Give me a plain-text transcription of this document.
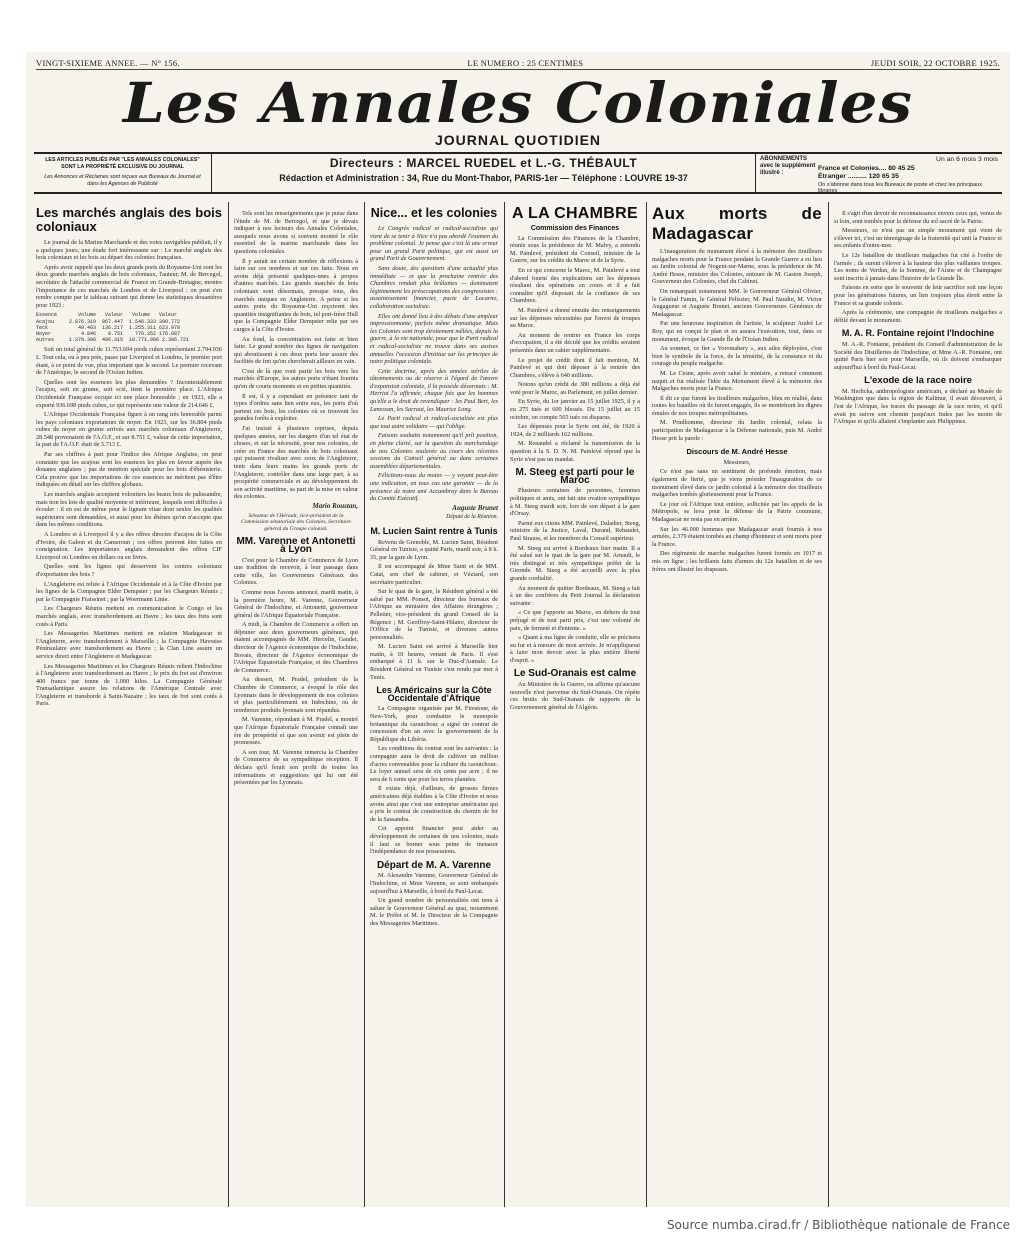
VINGT-SIXIEME ANNEE. — N° 156.	LE NUMERO : 25 CENTIMES	JEUDI SOIR, 22 OCTOBRE 1925.
Les Annales Coloniales
JOURNAL QUOTIDIEN
LES ARTICLES PUBLIÉS PAR "LES ANNALES COLONIALES" SONT LA PROPRIÉTÉ EXCLUSIVE DU JOURNAL
Les Annonces et Réclames sont reçues aux Bureaux du Journal et dans les Agences de Publicité
Directeurs : MARCEL RUEDEL et L.-G. THÉBAULT
Rédaction et Administration : 34, Rue du Mont-Thabor, PARIS-1er — Téléphone : LOUVRE 19-37
ABONNEMENTS avec le supplément illustré :
Un an 6 mois 3 mois
France et Colonies.... 80 45 25
Étranger .......... 120 65 35
On s'abonne dans tous les Bureaux de poste et chez les principaux libraires
Les marchés anglais des bois coloniaux

Le journal de la Marine Marchande et des voies navigables publiait, il y a quelques jours, une étude fort intéressante sur : Le marché anglais des bois coloniaux et les bois au départ des colonies françaises.

Après avoir rappelé que les deux grands ports du Royaume-Uni sont les deux grands marchés anglais de bois coloniaux, l'auteur, M. de Bercegol, secrétaire de l'attaché commercial de France en Grande-Bretagne, montre l'importance de ces marchés de Londres et de Liverpool ; on peut s'en rendre compte par le tableau suivant qui donne les statistiques douanières pour 1923 :

Essence       Volume   Valeur   Volume   Valeur
Acajou     2.876.319  967.447  1.546.333 390.772
Teck          49.403  136.217  1.255.311 623.970
Noyer          4.846    8.751    776.352 176.687
Autres     1.379.306  496.315  10.771.906 2.386.721

Soit un total général de 11.753.694 pieds cubes représentant 2.794.936 £. Tout cela, ou à peu près, passe par Liverpool et Londres, le premier port étant, à ce point de vue, plus important que le second. Le premier recevant de l'Amérique, le second de l'Océan Indien.

Quelles sont les essences les plus demandées ? Incontestablement l'acajou, soit en grume, soit scié, tient la première place. L'Afrique Occidentale Française occupe ici une place honorable ; en 1923, elle a exporté 936.698 pieds cubes, ce qui représente une valeur de 214.646 £.

L'Afrique Occidentale Française figure à un rang très honorable parmi les pays coloniaux exportateurs de noyer. En 1923, sur les 36.804 pieds cubes de noyer en grume arrivés aux marchés coloniaux d'Angleterre, 28.548 provenaient de l'A.O.F., et sur 8.751 £, valeur de cette importation, la part de l'A.O.F. était de 5.713 £.

Par ses chiffres à part pour l'indice des Afrique Anglaise, on peut constater que les acajous sont les essences les plus en faveur auprès des douanes anglaises ; pas de mention spéciale pour les bois d'ébénisterie. Cela prouve que les importations de ces essences ne méritent pas d'être indiquées en détail sur les chiffres globaux.

Les marchés anglais acceptent volontiers les beaux bois de palissandre, mais non les lots de qualité moyenne et inférieure, lesquels sont difficiles à écouler : il en est de même pour le lignum vitae dont seules les qualités supérieures sont demandées, et aussi pour les ébènes qu'on n'accepte que dans les mêmes conditions.

A Londres et à Liverpool il y a des offres directes d'acajou de la Côte d'Ivoire, du Gabon et du Cameroun ; ces offres peuvent être faites en consignation. Les importateurs anglais demandent des offres CIF Liverpool ou Londres en dollars ou en livres.

Quelles sont les lignes qui desservent les centres coloniaux d'exportation des bois ?

L'Angleterre est reliée à l'Afrique Occidentale et à la Côte d'Ivoire par les lignes de la Compagnie Elder Dempster ; par les Chargeurs Réunis ; par la Compagnie Fraissinet ; par la Woermann Linie.

Les Chargeurs Réunis mettent en communication le Congo et les marchés anglais, avec transbordement au Havre ; les taux des frets sont cotés à Paris.

Les Messageries Maritimes mettent en relation Madagascar et l'Angleterre, avec transbordement à Marseille ; la Compagnie Havraise Péninsulaire avec transbordement au Havre ; la Clan Line assure un service direct entre l'Angleterre et Madagascar.

Les Messageries Maritimes et les Chargeurs Réunis relient l'Indochine à l'Angleterre avec transbordement au Havre ; le prix du fret est d'environ 400 francs par tonne de 1.000 kilos. La Compagnie Générale Transatlantique assure les relations de l'Amérique Centrale avec l'Angleterre et transborde à Saint-Nazaire ; les taux de fret sont cotés à Paris.

Tels sont les renseignements que je puise dans l'étude de M. de Bercegol, et que je devais indiquer à nos lecteurs des Annales Coloniales, auxquels nous avons si souvent montré le rôle essentiel de la marine marchande dans les questions coloniales.

Il y aurait un certain nombre de réflexions à faire sur ces nombres et sur ces faits. Nous en avons déjà présenté quelques-unes à propos d'autres marchés. Les grands marchés de bois coloniaux sont désormais, presque tous, des marchés uniques en Angleterre. A peine si les autres ports du Royaume-Uni reçoivent des quantités insignifiantes de bois, tel port-frère Hull que la Compagnie Elder Dempster relie par ses cargos à la Côte d'Ivoire.

Au fond, la concentration est faite et bien faite. Le grand nombre des lignes de navigation qui aboutissent à ces deux ports leur assure des facilités de fret qu'on chercherait ailleurs en vain.

C'est de là que vont partir les bois vers les marchés d'Europe, les autres ports n'étant fournis qu'en de courts moments et en petites quantités.

Il est, il y a cependant en présence tant de types d'ordres sans lien entre eux, les ports d'où partent ces bois, les colonies où se trouvent les grandes forêts à exploiter.

J'ai insisté à plusieurs reprises, depuis quelques années, sur les dangers d'un tel état de choses, et sur la nécessité, pour nos colonies, de créer en France des marchés de bois coloniaux qui puissent rivaliser avec ceux de l'Angleterre, tenir dans leurs mains les grands ports de l'Angleterre, contrôler dans une large part, à sa prospérité commerciale et au développement de son activité maritime, sa part de la mise en valeur des colonies.

Mario Roustan,
Sénateur de l'Hérault, vice-président de la Commission sénatoriale des Colonies, Secrétaire général du Groupe colonial.
MM. Varenne et Antonetti à Lyon

C'est pour la Chambre de Commerce de Lyon une tradition de recevoir, à leur passage dans cette ville, les Gouverneurs Généraux des Colonies.

Comme nous l'avons annoncé, mardi matin, à la première heure, M. Varenne, Gouverneur Général de l'Indochine, et Antonetti, gouverneur général de l'Afrique Équatoriale Française.

A midi, la Chambre de Commerce a offert un déjeuner aux deux gouverneurs généraux, qui étaient accompagnés de MM. Hercelin, Gaudet, directeur de l'Agence économique de l'Indochine, Bovais, directeur de l'Agence économique de l'Afrique Équatoriale Française, et des Chambres de Commerce.

Au dessert, M. Pradel, président de la Chambre de Commerce, a évoqué le rôle des Lyonnais dans le développement de nos colonies et plus particulièrement en Indochine, où de nombreux produits lyonnais sont répandus.

M. Varenne, répondant à M. Pradel, a montré que l'Afrique Équatoriale Française connaît une ère de prospérité et que son avenir est plein de promesses.

A son tour, M. Varenne remercia la Chambre de Commerce de sa sympathique réception. Il déclara qu'il ferait son profit de toutes les informations et suggestions qui lui ont été présentées par les Lyonnais.

Nice... et les colonies

Le Congrès radical et radical-socialiste qui vient de se tenir à Nice n'a pas abordé l'examen du problème colonial. Je pense que c'est là une erreur pour un grand Parti politique, qui est aussi un grand Parti de Gouvernement.

Sans doute, des questions d'une actualité plus immédiate — et que la prochaine rentrée des Chambres rendait plus brûlantes — dominaient légitimement les préoccupations des congressistes : assainissement financier, pacte de Locarno, collaboration socialiste.

Elles ont donné lieu à des débats d'une ampleur impressionnante, parfois même dramatique. Mais les Colonies sont trop étroitement mêlées, depuis la guerre, à la vie nationale, pour que le Parti radical et radical-socialiste ne trouve dans ses assises annuelles l'occasion d'institue sur les principes de notre politique coloniale.

Cette doctrine, après des années stériles de tâtonnements ou de réserve à l'égard de l'œuvre d'expansion coloniale, il la possède désormais : M. Herriot l'a affirmée, chaque fois que les hommes qu'elle a le droit de revendiquer : les Paul Bert, les Lanessan, les Sarraut, les Maurice Long.

Le Parti radical et radical-socialiste est plus que tout autre solidaire — qui l'oblige.

Faisons souhaits notamment qu'il prît position, en pleine clarté, sur la question du marchandage de nos Colonies soulevée au cours des récentes sessions du Conseil général ou dans certaines assemblées départementales.

Félicitons-nous du moins — y voyant peut-être une indication, en tous cas une garantie — de la présence de notre ami Accambray dans le Bureau du Comité Exécutif.

Auguste Brunet
Député de la Réunion.
M. Lucien Saint rentre à Tunis

Revenu de Grenoble, M. Lucien Saint, Résident Général en Tunisie, a quitté Paris, mardi soir, à 8 h. 35, par la gare de Lyon.

Il est accompagné de Mme Saint et de MM. Catat, son chef de cabinet, et Véziard, son secrétaire particulier.

Sur le quai de la gare, le Résident général a été salué par MM. Ponsot, directeur des bureaux de l'Afrique au ministère des Affaires étrangères ; Pelletier, vice-président du grand Conseil de la Régence ; M. Geoffroy-Saint-Hilaire, directeur de l'Office de la Tunisie, et diverses autres personnalités.

M. Lucien Saint est arrivé à Marseille hier matin, à 10 heures, venant de Paris. Il s'est embarqué à 11 h. sur le Duc-d'Aumale. Le Résident Général en Tunisie s'est rendu par mer à Tunis.

Les Américains sur la Côte Occidentale d'Afrique

La Compagnie organisée par M. Firestone, de New-York, pour combattre le monopole britannique du caoutchouc a signé un contrat de concession d'un an avec le gouvernement de la République du Libéria.

Les conditions du contrat sont les suivantes : la compagnie aura le droit de cultiver un million d'acres convenables pour la culture du caoutchouc. Le loyer annuel sera de six cents par acre ; il ne sera de 6 cents que pour les terres plantées.

Il existe déjà, d'ailleurs, de grosses firmes américaines déjà établies à la Côte d'Ivoire et nous avons ainsi que c'est une entreprise américaine qui a pris le contrat de construction du chemin de fer de la Sassandra.

Cet appoint financier peut aider au développement de certaines de nos colonies, mais il faut se borner sous peine de menacer l'indépendance de nos possessions.

Départ de M. A. Varenne

M. Alexandre Varenne, Gouverneur Général de l'Indochine, et Mme Varenne, se sont embarqués aujourd'hui à Marseille, à bord du Paul-Lecat.

Un grand nombre de personnalités ont tenu à saluer le Gouverneur Général au quai, notamment M. le Préfet et M. le Directeur de la Compagnie des Messageries Maritimes.

A LA CHAMBRE
Commission des Finances

La Commission des Finances de la Chambre, réunie sous la présidence de M. Malvy, a entendu M. Painlevé, président du Conseil, ministre de la Guerre, sur les crédits du Maroc et de la Syrie.

En ce qui concerne le Maroc, M. Painlevé a tout d'abord fourni des explications sur les dépenses résultant des opérations en cours et il a fait connaître qu'il disposait de la confiance de ses Chambres.

M. Painlevé a donné ensuite des renseignements sur les dépenses nécessitées par l'envoi de troupes au Maroc.

Au moment de rentrer en France les corps d'occupation, il a été décidé que les crédits seraient présentés dans un cahier supplémentaire.

Le projet de crédit dont il fait mention, M. Painlevé et qui doit déposer à la rentrée des Chambres, s'élève à 640 millions.

Notons qu'un crédit de 380 millions a déjà été voté pour le Maroc, au Parlement, en juillet dernier.

En Syrie, du 1er janvier au 15 juillet 1925, il y a eu 275 tués et 600 blessés. Du 15 juillet au 15 octobre, on compte 565 tués ou disparus.

Les dépenses pour la Syrie ont été, de 1920 à 1924, de 2 milliards 162 millions.

M. Renaudel a réclamé la transmission de la question à la S. D. N. M. Painlevé répond que la Syrie n'est pas un mandat.

M. Steeg est parti pour le Maroc

Plusieurs centaines de personnes, hommes politiques et amis, ont fait une ovation sympathique à M. Steeg mardi soir, lors de son départ à la gare d'Orsay.

Parmi eux citons MM. Painlevé, Daladier, Steeg, ministre de la Justice, Laval, Durand, Rebaudet, Paul Strauss, et les membres du Conseil supérieur.

M. Steeg est arrivé à Bordeaux hier matin. Il a été salué sur le quai de la gare par M. Arnault, le très distingué et très sympathique préfet de la Gironde. M. Steeg a été accueilli avec la plus grande cordialité.

Au moment de quitter Bordeaux, M. Steeg a fait à un des confrères du Petit Journal la déclaration suivante :

« Ce que j'apporte au Maroc, en dehors de tout préjugé et de tout parti pris, c'est une volonté de paix, de fermeté et d'entente. »

« Quant à ma ligne de conduite, elle se précisera au fur et à mesure de mon arrivée. Je m'appliquerai à faire mon devoir avec la plus entière liberté d'esprit. »

Le Sud-Oranais est calme

Au Ministère de la Guerre, on affirme qu'aucune nouvelle n'est parvenue du Sud-Oranais. On répète ces bruits du Sud-Oranais de rapports de la Gouvernement général de l'Algérie.

Aux morts de Madagascar

L'inauguration du monument élevé à la mémoire des tirailleurs malgaches morts pour la France pendant la Grande Guerre a eu lieu au Jardin colonial de Nogent-sur-Marne, sous la présidence de M. André Hesse, ministre des Colonies, entouré de M. Gaston Joseph, Gouverneur des Colonies, chef du Cabinet.

On remarquait notamment MM. le Gouverneur Général Olivier, le Général Famin, le Général Pelissier, M. Paul Naudin, M. Victor Augagneur et Auguste Brunet, anciens Gouverneurs Généraux de Madagascar.

Par une heureuse inspiration de l'artiste, le sculpteur André Le Roy, qui en conçut le plan et en assura l'exécution, tout, dans ce monument, évoque la Grande Île de l'Océan Indien.

Au sommet, ce fier « Voromahery », aux ailes déployées, c'est bien le symbole de la force, de la témérité, de la constance et du courage du peuple malgache.

M. Le Cesne, après avoir salué le ministre, a retracé comment naquit et fut réalisée l'idée du Monument élevé à la mémoire des Malgaches morts pour la France.

Il dit ce que furent les tirailleurs malgaches, bleu en réalité, dans toutes les batailles où ils furent engagés, ils se montrèrent les dignes émules de nos troupes métropolitaines.

M. Prudhomme, directeur du Jardin colonial, relata la participation de Madagascar à la Défense nationale, puis M. André Hesse prit la parole :

Discours de M. André Hesse

Messieurs,

Ce n'est pas sans un sentiment de profonde émotion, mais également de fierté, que je viens présider l'inauguration de ce monument élevé dans ce jardin colonial à la mémoire des tirailleurs malgaches tombés glorieusement pour la France.

Le jour où l'Afrique tout entière, sollicitée par les appels de la Métropole, se leva pour la défense de la Patrie commune, Madagascar ne resta pas en arrière.

Sur les 46.000 hommes que Madagascar avait fournis à nos armées, 2.379 étaient tombés au champ d'honneur et sont morts pour la France.

Des régiments de marche malgaches furent formés en 1917 et mis en ligne ; les brillants faits d'armes du 12e bataillon et de ses frères ont illustré les drapeaux.

Il s'agit d'un devoir de reconnaissance envers ceux qui, venus de si loin, sont tombés pour la défense du sol sacré de la Patrie.

Messieurs, ce n'est pas un simple monument qui vient de s'élever ici, c'est un témoignage de la fraternité qui unit la France et ses enfants d'outre-mer.

Le 12e bataillon de tirailleurs malgaches fut cité à l'ordre de l'armée ; ils surent s'élever à la hauteur des plus vaillantes troupes. Les noms de Verdun, de la Somme, de l'Aisne et de Champagne sont inscrits à jamais dans l'histoire de la Grande Île.

Faisons en sorte que le souvenir de leur sacrifice soit une leçon pour les générations futures, un lien toujours plus étroit entre la France et sa grande colonie.

Après la cérémonie, une compagnie de tirailleurs malgaches a défilé devant le monument.

M. A. R. Fontaine rejoint l'Indochine

M. A.-R. Fontaine, président du Conseil d'administration de la Société des Distilleries de l'Indochine, et Mme A.-R. Fontaine, ont quitté Paris hier soir pour Marseille, où ils doivent s'embarquer aujourd'hui à bord du Paul-Lecat.

L'exode de la race noire

M. Herlicka, anthropologiste américain, a déclaré au Musée de Washington que dans la région de Kalimur, il avait découvert, à l'est de l'Afrique, les traces du passage de la race noire, et qu'il avait pu suivre son chemin jusqu'aux Indes par les monts de l'Afrique et qu'ils allaient s'implanter aux Philippines.

Source numba.cirad.fr / Bibliothèque nationale de France
